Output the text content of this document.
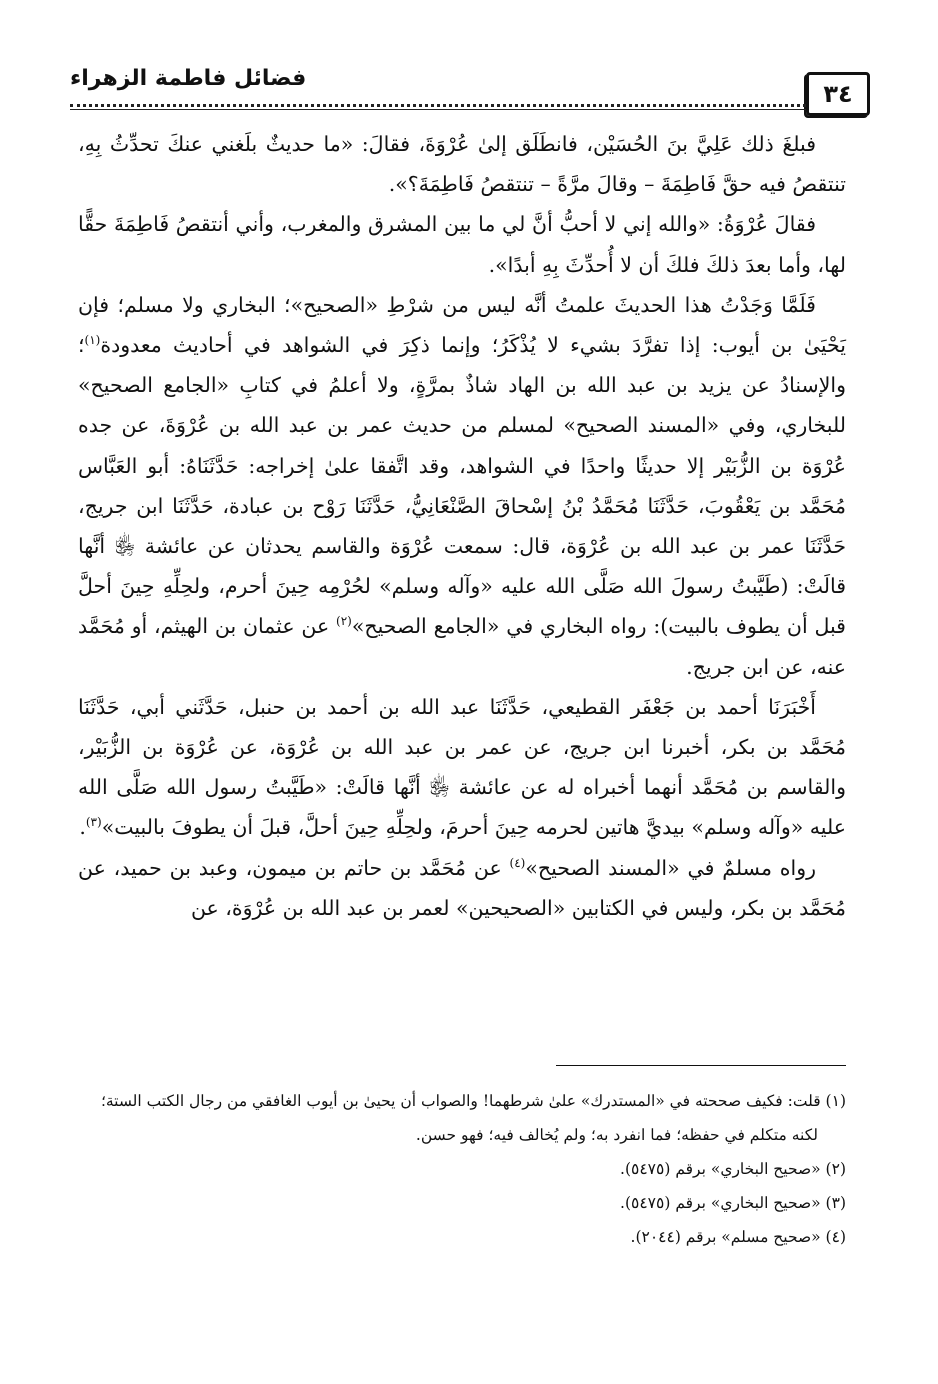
٣٤
فضائل فاطمة الزهراء

فبلغَ ذلك عَلِيَّ بنَ الحُسَيْن، فانطَلَق إلىٰ عُرْوَةَ، فقالَ: «ما حديثٌ بلَغني عنكَ تحدِّثُ بِهِ، تنتقصُ فيه حقَّ فَاطِمَةَ – وقالَ مرَّةً – تنتقصُ فَاطِمَةَ؟».

فقالَ عُرْوَةُ: «والله إني لا أحبُّ أنَّ لي ما بين المشرق والمغرب، وأني أنتقصُ فَاطِمَةَ حقًّا لها، وأما بعدَ ذلكَ فلكَ أن لا أُحدِّثَ بِهِ أبدًا».

فَلَمَّا وَجَدْتُ هذا الحديثَ علمتُ أنَّه ليس من شرْطِ «الصحيح»؛ البخاري ولا مسلم؛ فإن يَحْيَىٰ بن أيوب: إذا تفرَّدَ بشيء لا يُذْكَرُ؛ وإنما ذكِرَ في الشواهد في أحاديث معدودة$^{(١)}$؛ والإسنادُ عن يزيد بن عبد الله بن الهاد شاذٌ بمرَّةٍ، ولا أعلمُ في كتابِ «الجامع الصحيح» للبخاري، وفي «المسند الصحيح» لمسلم من حديث عمر بن عبد الله بن عُرْوَةَ، عن جده عُرْوَة بن الزُّبَيْر إلا حديثًا واحدًا في الشواهد، وقد اتَّفقا علىٰ إخراجه: حَدَّثَنَاهُ: أبو العَبَّاس مُحَمَّد بن يَعْقُوبَ، حَدَّثَنَا مُحَمَّدُ بْنُ إسْحاقَ الصَّنْعَانِيُّ، حَدَّثَنَا رَوْح بن عبادة، حَدَّثَنَا ابن جريج، حَدَّثَنَا عمر بن عبد الله بن عُرْوَة، قال: سمعت عُرْوَة والقاسم يحدثان عن عائشة ﵂ أنَّها قالَتْ: (طَيَّبتُ رسولَ الله صَلَّى الله عليه «وآله وسلم» لحُرْمِه حِينَ أحرم، ولحِلِّهِ حِينَ أحلَّ قبل أن يطوف بالبيت): رواه البخاري في «الجامع الصحيح»$^{(٢)}$ عن عثمان بن الهيثم، أو مُحَمَّد عنه، عن ابن جريج.

أَخْبَرَنَا أحمد بن جَعْفَر القطيعي، حَدَّثَنَا عبد الله بن أحمد بن حنبل، حَدَّثَني أبي، حَدَّثَنَا مُحَمَّد بن بكر، أخبرنا ابن جريج، عن عمر بن عبد الله بن عُرْوَة، عن عُرْوَة بن الزُّبَيْر، والقاسم بن مُحَمَّد أنهما أخبراه له عن عائشة ﵂ أنَّها قالَتْ: «طَيَّبتُ رسول الله صَلَّى الله عليه «وآله وسلم» بيديَّ هاتين لحرمه حِينَ أحرمَ، ولحِلِّهِ حِينَ أحلَّ، قبلَ أن يطوفَ بالبيت»$^{(٣)}$.

رواه مسلمٌ في «المسند الصحيح»$^{(٤)}$ عن مُحَمَّد بن حاتم بن ميمون، وعبد بن حميد، عن مُحَمَّد بن بكر، وليس في الكتابين «الصحيحين» لعمر بن عبد الله بن عُرْوَة، عن

(١) قلت: فكيف صححته في «المستدرك» علىٰ شرطهما! والصواب أن يحيىٰ بن أيوب الغافقي من رجال الكتب الستة؛
لكنه متكلم في حفظه؛ فما انفرد به؛ ولم يُخالف فيه؛ فهو حسن.
(٢) «صحيح البخاري» برقم (٥٤٧٥).
(٣) «صحيح البخاري» برقم (٥٤٧٥).
(٤) «صحيح مسلم» برقم (٢٠٤٤).
